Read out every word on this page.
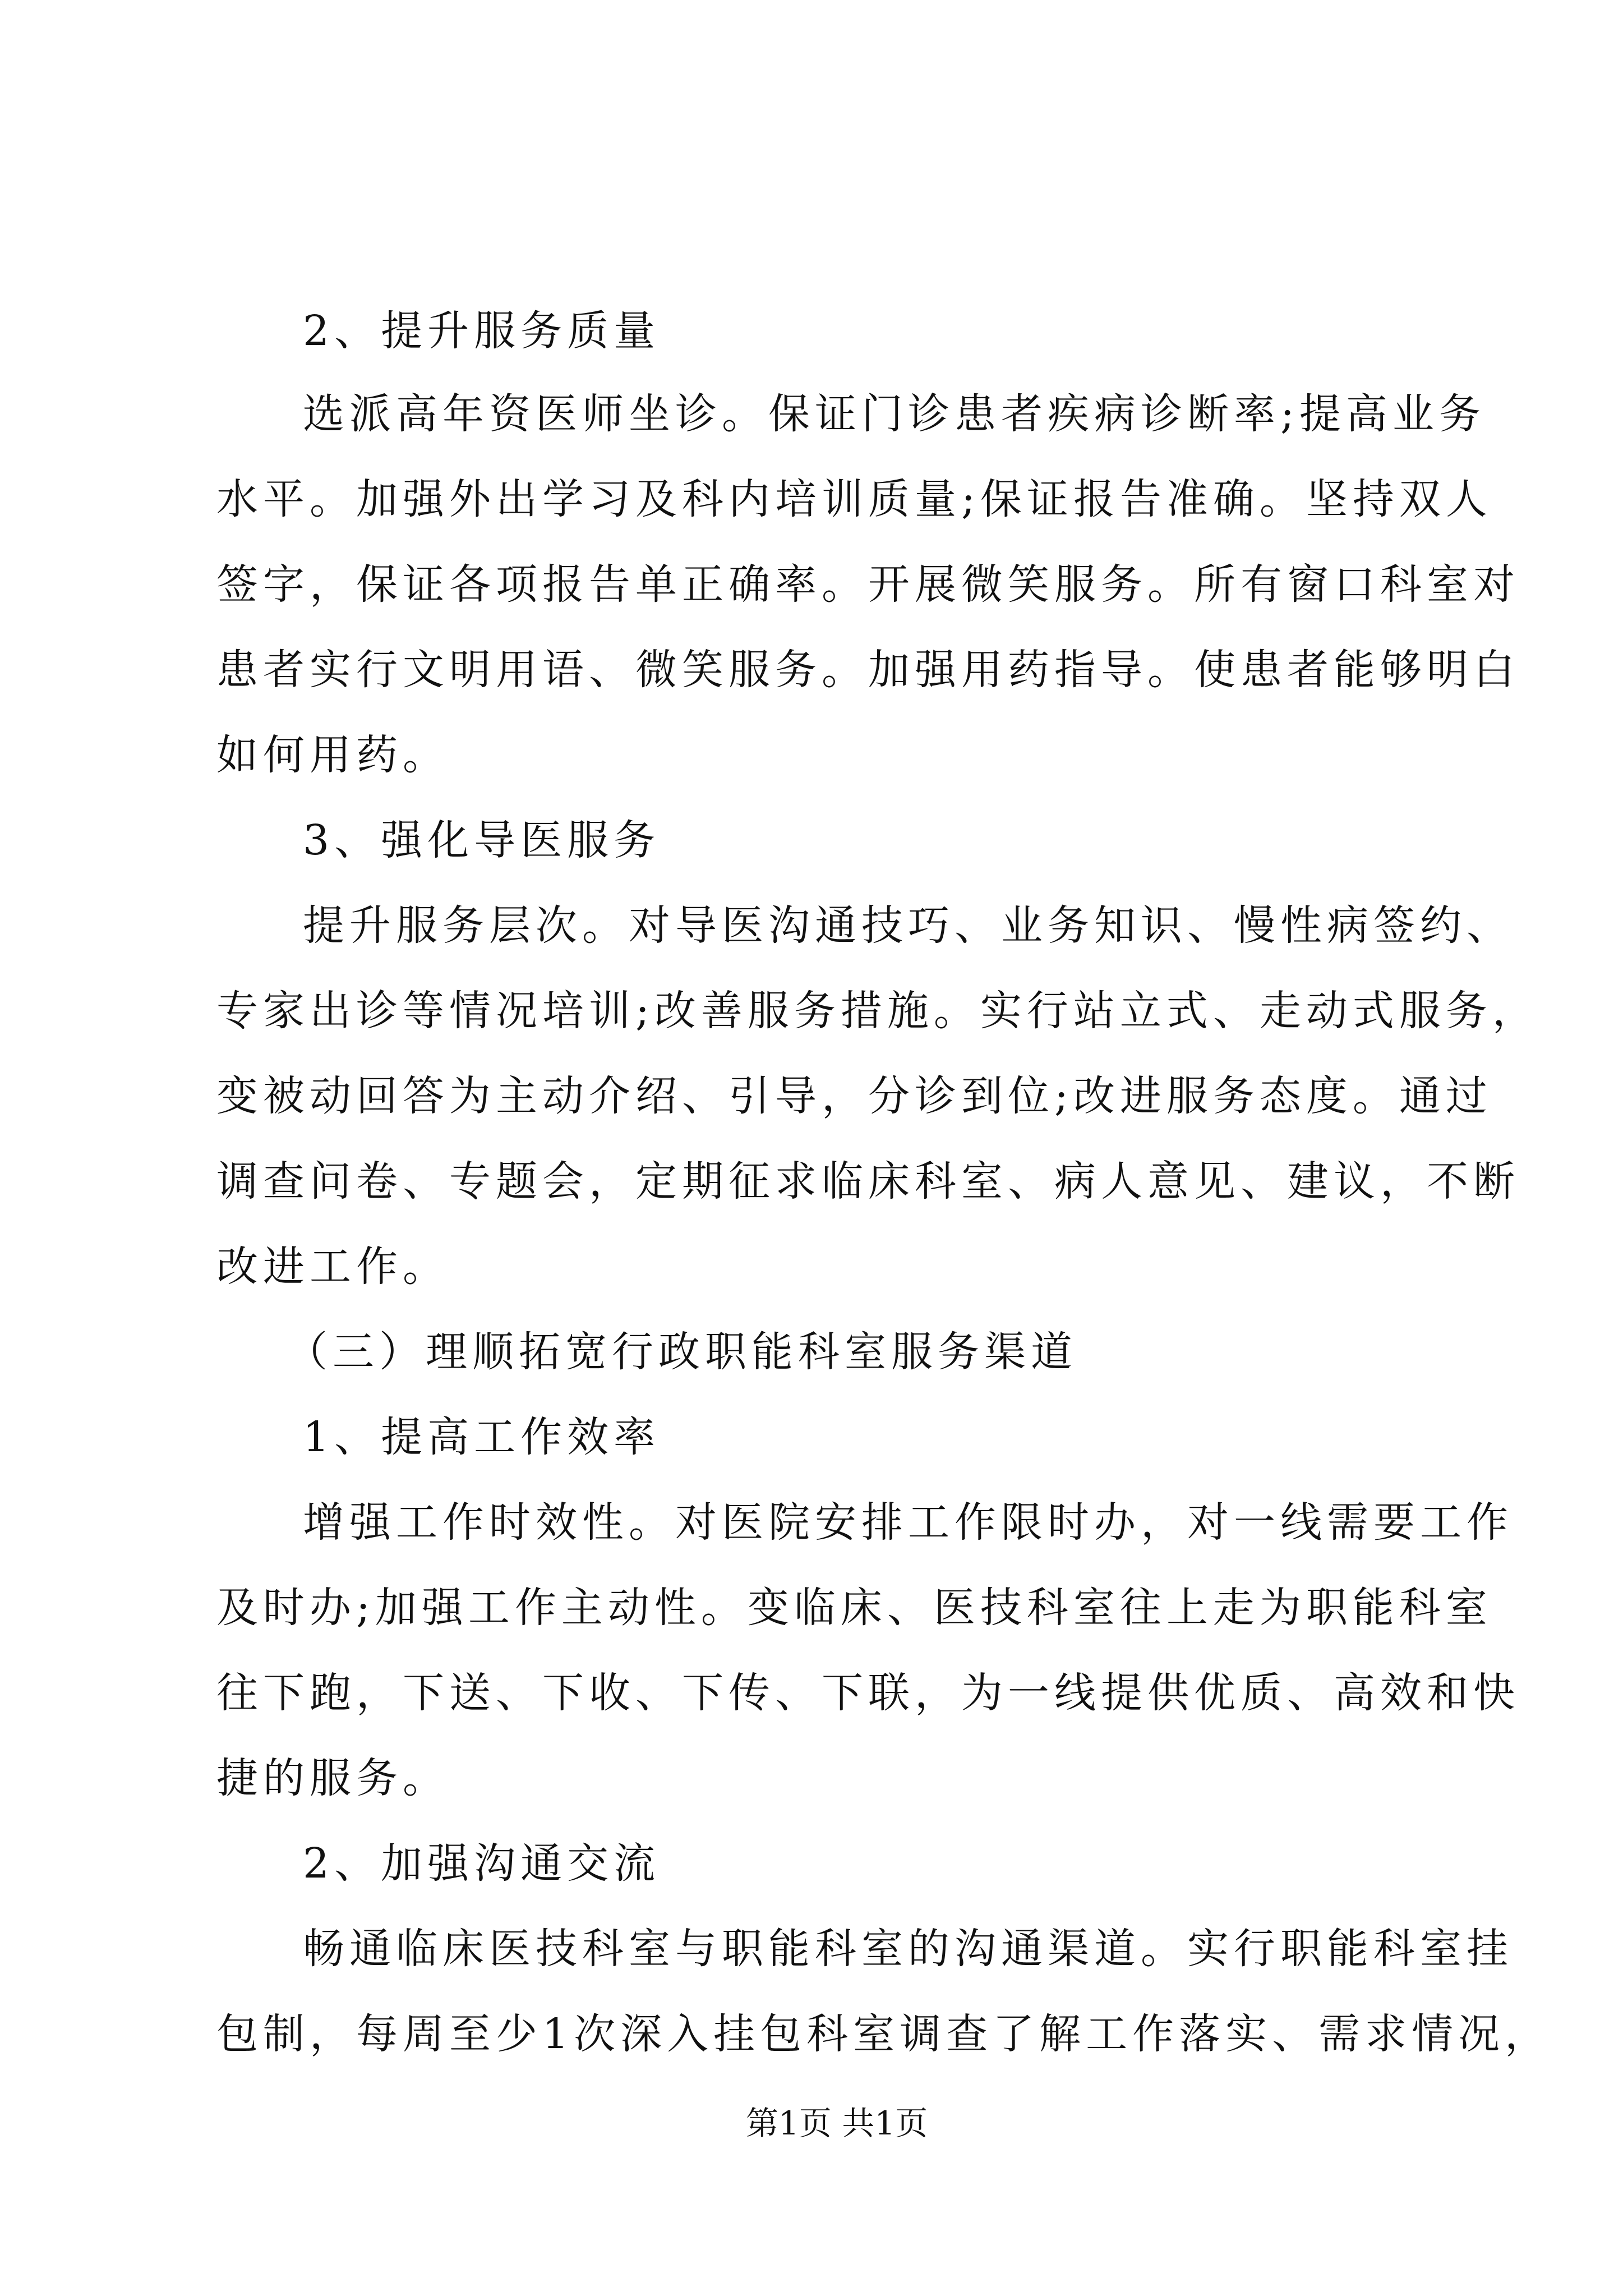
2、提升服务质量
选派高年资医师坐诊。保证门诊患者疾病诊断率;提高业务
水平。加强外出学习及科内培训质量;保证报告准确。坚持双人
签字，保证各项报告单正确率。开展微笑服务。所有窗口科室对
患者实行文明用语、微笑服务。加强用药指导。使患者能够明白
如何用药。
3、强化导医服务
提升服务层次。对导医沟通技巧、业务知识、慢性病签约、
专家出诊等情况培训;改善服务措施。实行站立式、走动式服务，
变被动回答为主动介绍、引导，分诊到位;改进服务态度。通过
调查问卷、专题会，定期征求临床科室、病人意见、建议，不断
改进工作。
（三）理顺拓宽行政职能科室服务渠道
1、提高工作效率
增强工作时效性。对医院安排工作限时办，对一线需要工作
及时办;加强工作主动性。变临床、医技科室往上走为职能科室
往下跑，下送、下收、下传、下联，为一线提供优质、高效和快
捷的服务。
2、加强沟通交流
畅通临床医技科室与职能科室的沟通渠道。实行职能科室挂
包制，每周至少1次深入挂包科室调查了解工作落实、需求情况，
第1页 共1页
